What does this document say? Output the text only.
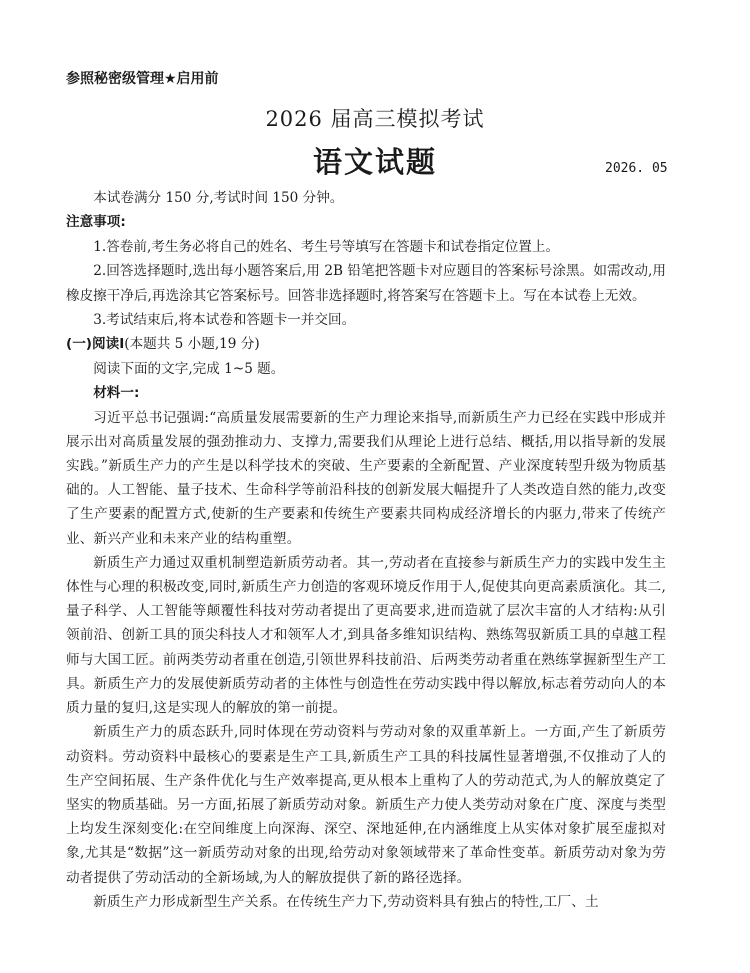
参照秘密级管理★启用前
2026 届高三模拟考试
语文试题	2026. 05

本试卷满分 150 分,考试时间 150 分钟。

注意事项:

1.答卷前,考生务必将自己的姓名、考生号等填写在答题卡和试卷指定位置上。

2.回答选择题时,选出每小题答案后,用 2B 铅笔把答题卡对应题目的答案标号涂黑。如需改动,用橡皮擦干净后,再选涂其它答案标号。回答非选择题时,将答案写在答题卡上。写在本试卷上无效。

3.考试结束后,将本试卷和答题卡一并交回。

(一)阅读Ⅰ(本题共 5 小题,19 分)

阅读下面的文字,完成 1~5 题。

材料一:

习近平总书记强调:“高质量发展需要新的生产力理论来指导,而新质生产力已经在实践中形成并展示出对高质量发展的强劲推动力、支撑力,需要我们从理论上进行总结、概括,用以指导新的发展实践。”新质生产力的产生是以科学技术的突破、生产要素的全新配置、产业深度转型升级为物质基础的。人工智能、量子技术、生命科学等前沿科技的创新发展大幅提升了人类改造自然的能力,改变了生产要素的配置方式,使新的生产要素和传统生产要素共同构成经济增长的内驱力,带来了传统产业、新兴产业和未来产业的结构重塑。

新质生产力通过双重机制塑造新质劳动者。其一,劳动者在直接参与新质生产力的实践中发生主体性与心理的积极改变,同时,新质生产力创造的客观环境反作用于人,促使其向更高素质演化。其二,量子科学、人工智能等颠覆性科技对劳动者提出了更高要求,进而造就了层次丰富的人才结构:从引领前沿、创新工具的顶尖科技人才和领军人才,到具备多维知识结构、熟练驾驭新质工具的卓越工程师与大国工匠。前两类劳动者重在创造,引领世界科技前沿、后两类劳动者重在熟练掌握新型生产工具。新质生产力的发展使新质劳动者的主体性与创造性在劳动实践中得以解放,标志着劳动向人的本质力量的复归,这是实现人的解放的第一前提。

新质生产力的质态跃升,同时体现在劳动资料与劳动对象的双重革新上。一方面,产生了新质劳动资料。劳动资料中最核心的要素是生产工具,新质生产工具的科技属性显著增强,不仅推动了人的生产空间拓展、生产条件优化与生产效率提高,更从根本上重构了人的劳动范式,为人的解放奠定了坚实的物质基础。另一方面,拓展了新质劳动对象。新质生产力使人类劳动对象在广度、深度与类型上均发生深刻变化:在空间维度上向深海、深空、深地延伸,在内涵维度上从实体对象扩展至虚拟对象,尤其是“数据”这一新质劳动对象的出现,给劳动对象领域带来了革命性变革。新质劳动对象为劳动者提供了劳动活动的全新场域,为人的解放提供了新的路径选择。

新质生产力形成新型生产关系。在传统生产力下,劳动资料具有独占的特性,工厂、土
